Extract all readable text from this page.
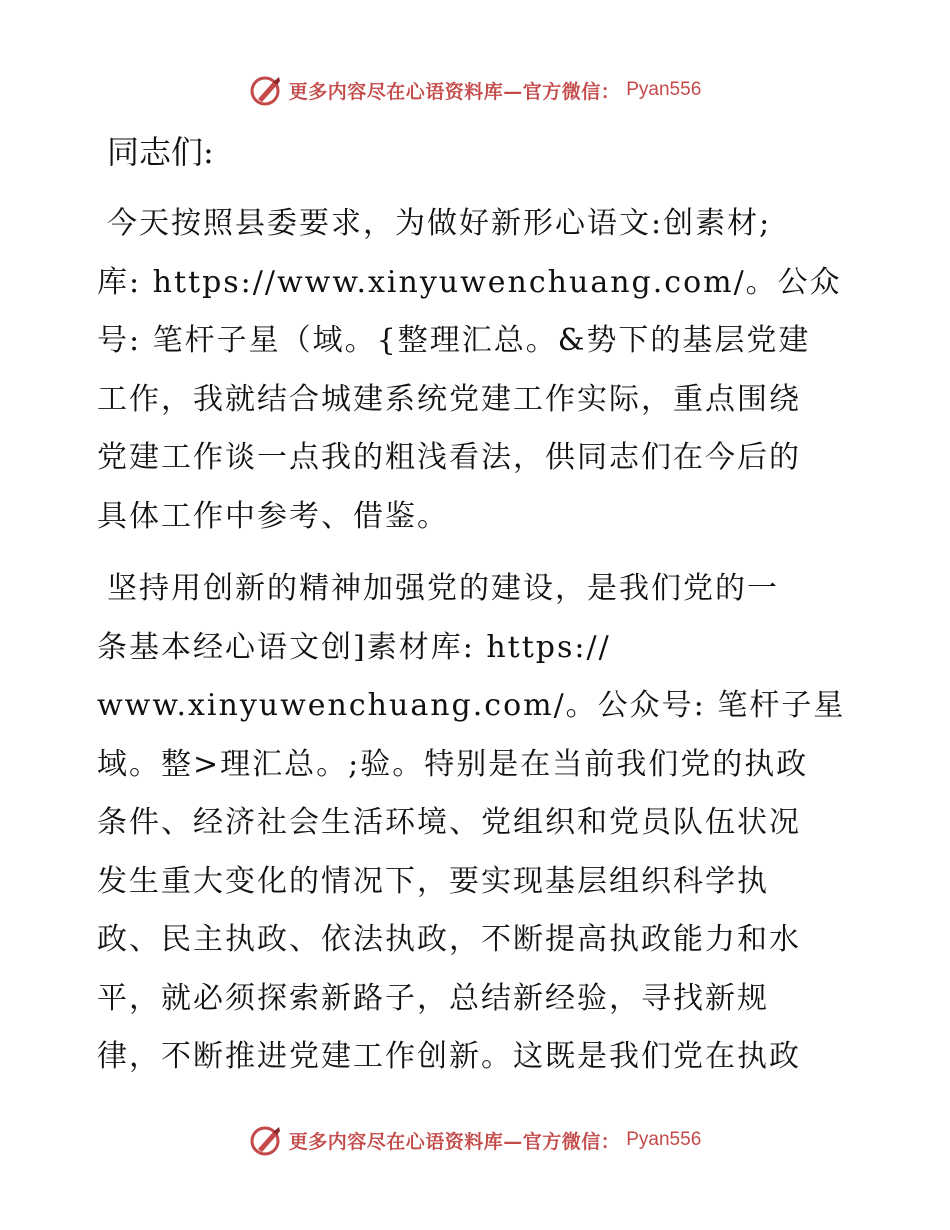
更多内容尽在心语资料库—官方微信： Pyan556
同志们:
今天按照县委要求，为做好新形心语文:创素材;
库: https://www.xinyuwenchuang.com/。公众
号: 笔杆子星（域。{整理汇总。&势下的基层党建
工作，我就结合城建系统党建工作实际，重点围绕
党建工作谈一点我的粗浅看法，供同志们在今后的
具体工作中参考、借鉴。
坚持用创新的精神加强党的建设，是我们党的一
条基本经心语文创]素材库: https://
www.xinyuwenchuang.com/。公众号: 笔杆子星
域。整>理汇总。;验。特别是在当前我们党的执政
条件、经济社会生活环境、党组织和党员队伍状况
发生重大变化的情况下，要实现基层组织科学执
政、民主执政、依法执政，不断提高执政能力和水
平，就必须探索新路子，总结新经验，寻找新规
律，不断推进党建工作创新。这既是我们党在执政
更多内容尽在心语资料库—官方微信： Pyan556
